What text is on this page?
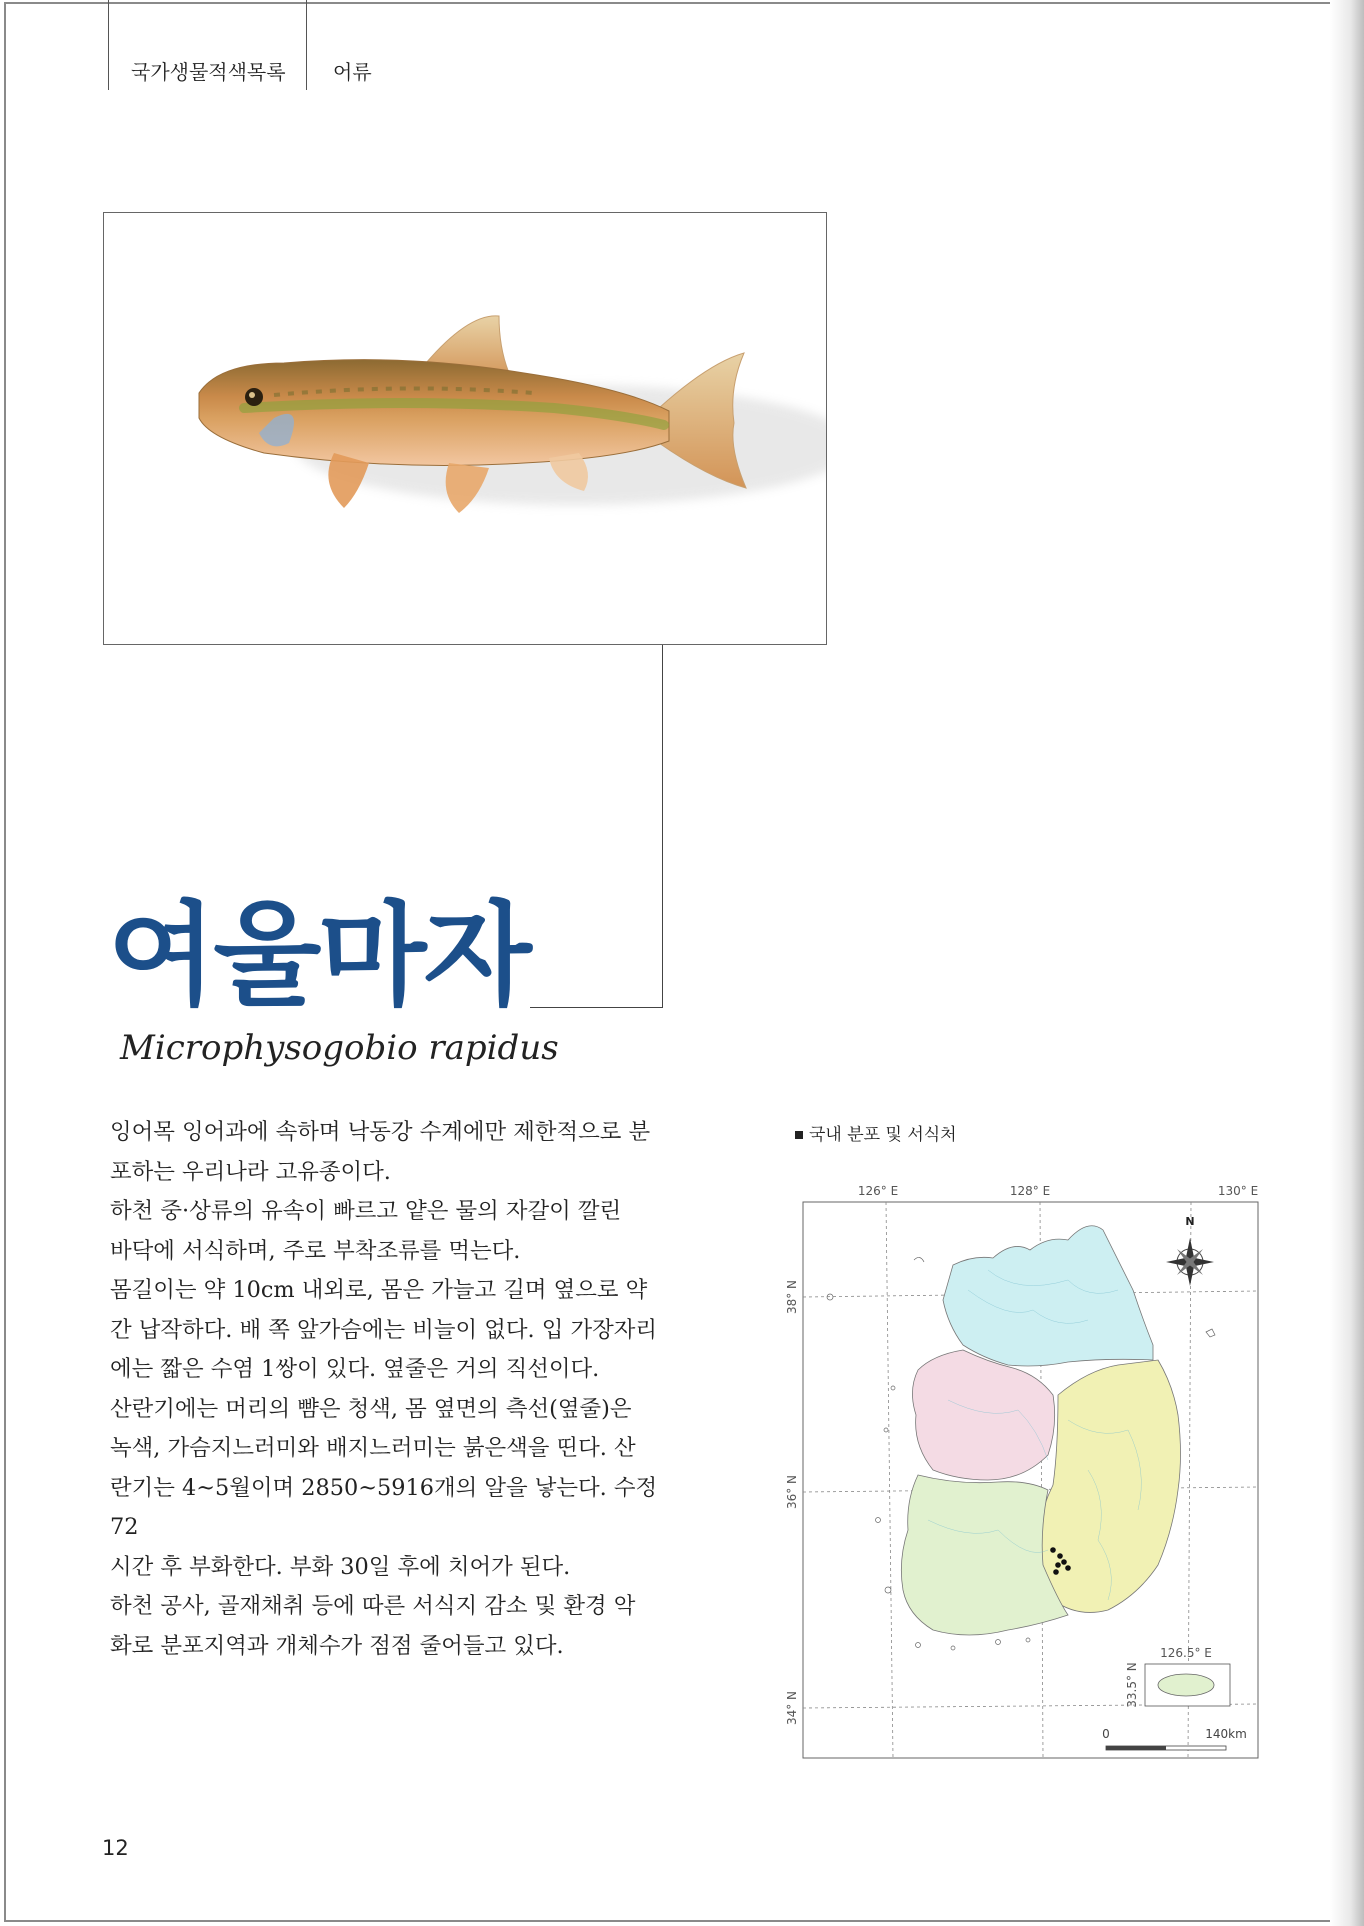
국가생물적색목록 어류
여울마자
Microphysogobio rapidus

잉어목 잉어과에 속하며 낙동강 수계에만 제한적으로 분

포하는 우리나라 고유종이다.

하천 중·상류의 유속이 빠르고 얕은 물의 자갈이 깔린

바닥에 서식하며, 주로 부착조류를 먹는다.

몸길이는 약 10cm 내외로, 몸은 가늘고 길며 옆으로 약

간 납작하다. 배 쪽 앞가슴에는 비늘이 없다. 입 가장자리

에는 짧은 수염 1쌍이 있다. 옆줄은 거의 직선이다.

산란기에는 머리의 뺨은 청색, 몸 옆면의 측선(옆줄)은

녹색, 가슴지느러미와 배지느러미는 붉은색을 띤다. 산

란기는 4~5월이며 2850~5916개의 알을 낳는다. 수정 72

시간 후 부화한다. 부화 30일 후에 치어가 된다.

하천 공사, 골재채취 등에 따른 서식지 감소 및 환경 악

화로 분포지역과 개체수가 점점 줄어들고 있다.

국내 분포 및 서식처
126° E	128° E	130° E
38° N
36° N
34° N
N
126.5° E
33.5° N
0	140km
12
